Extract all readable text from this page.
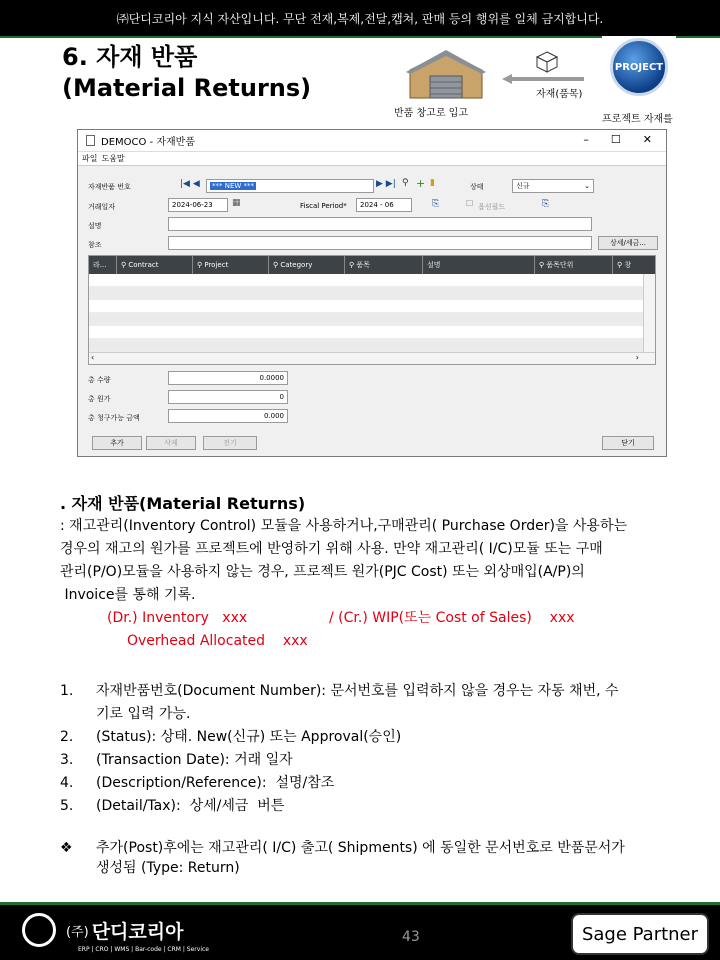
㈜단디코리아 지식 자산입니다. 무단 전재,복제,전달,캡쳐, 판매 등의 행위를 일체 금지합니다.
6. 자재 반품
(Material Returns)
반품 창고로 입고
자재(품목)
PROJECT
프로젝트 자재를
DEMOCO - 자재반품	– ☐ ✕
파일 도움말
자재반품 번호	|◀ ◀ *** NEW ***	▶ ▶| ⚲ + ▮	상태	신규	⌄
거래일자	2024-06-23 ▦	Fiscal Period* 2024 - 06	⎘	☐ 옵션필드	⎘
설명
참조	상세/세금...
라...	⚲ Contract	⚲ Project	⚲ Category	⚲ 품목	설명	⚲ 품목단위	⚲ 창
‹	›
총 수량	0.0000
총 원가	0
총 청구가능 금액	0.000
추가	삭제	전기	닫기
. 자재 반품(Material Returns)
: 재고관리(Inventory Control) 모듈을 사용하거나,구매관리( Purchase Order)을 사용하는
경우의 재고의 원가를 프로젝트에 반영하기 위해 사용. 만약 재고관리( I/C)모듈 또는 구매
관리(P/O)모듈을 사용하지 않는 경우, 프로젝트 원가(PJC Cost) 또는 외상매입(A/P)의
Invoice를 통해 기록.
(Dr.) Inventory   xxx	/ (Cr.) WIP(또는 Cost of Sales)    xxx
Overhead Allocated    xxx
1.	자재반품번호(Document Number): 문서번호를 입력하지 않을 경우는 자동 채번, 수
기로 입력 가능.
2.	(Status): 상태. New(신규) 또는 Approval(승인)
3.	(Transaction Date): 거래 일자
4.	(Description/Reference):  설명/참조
5.	(Detail/Tax):  상세/세금  버튼
❖	추가(Post)후에는 재고관리( I/C) 출고( Shipments) 에 동일한 문서번호로 반품문서가
생성됨 (Type: Return)
(주) 단디코리아
ERP | CRO | WMS | Bar-code | CRM | Service
43	Sage Partner
